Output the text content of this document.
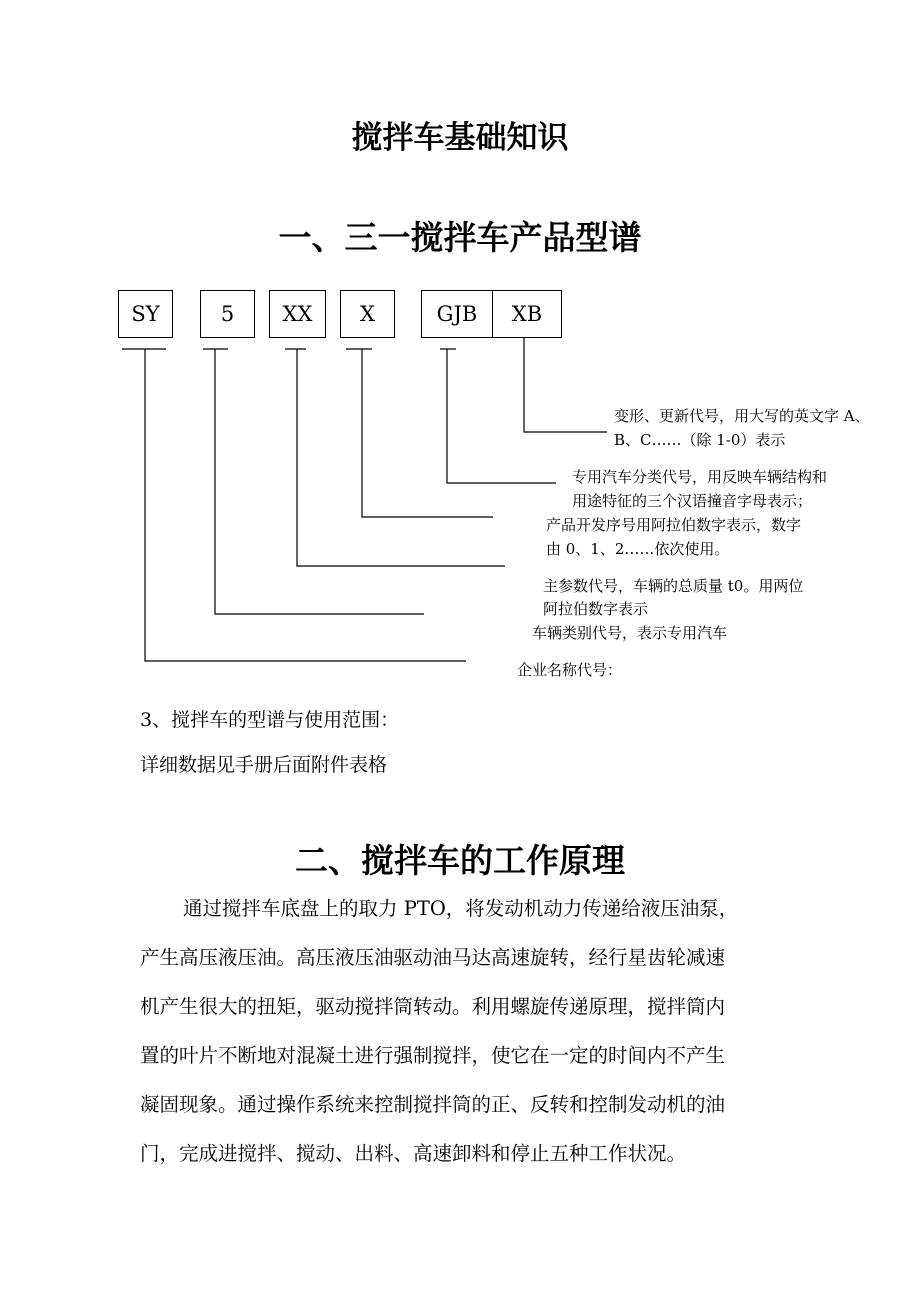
搅拌车基础知识
一、三一搅拌车产品型谱
SY	5	XX	X	GJB	XB
变形、更新代号，用大写的英文字 A、
B、C……（除 1-0）表示
专用汽车分类代号，用反映车辆结构和
用途特征的三个汉语撞音字母表示；
产品开发序号用阿拉伯数字表示，数字
由 0、1、2……依次使用。
主参数代号，车辆的总质量 t0。用两位
阿拉伯数字表示
车辆类别代号，表示专用汽车
企业名称代号：
3、搅拌车的型谱与使用范围：
详细数据见手册后面附件表格
二、搅拌车的工作原理
通过搅拌车底盘上的取力 PTO，将发动机动力传递给液压油泵，
产生高压液压油。高压液压油驱动油马达高速旋转，经行星齿轮减速
机产生很大的扭矩，驱动搅拌筒转动。利用螺旋传递原理，搅拌筒内
置的叶片不断地对混凝土进行强制搅拌，使它在一定的时间内不产生
凝固现象。通过操作系统来控制搅拌筒的正、反转和控制发动机的油
门，完成进搅拌、搅动、出料、高速卸料和停止五种工作状况。
